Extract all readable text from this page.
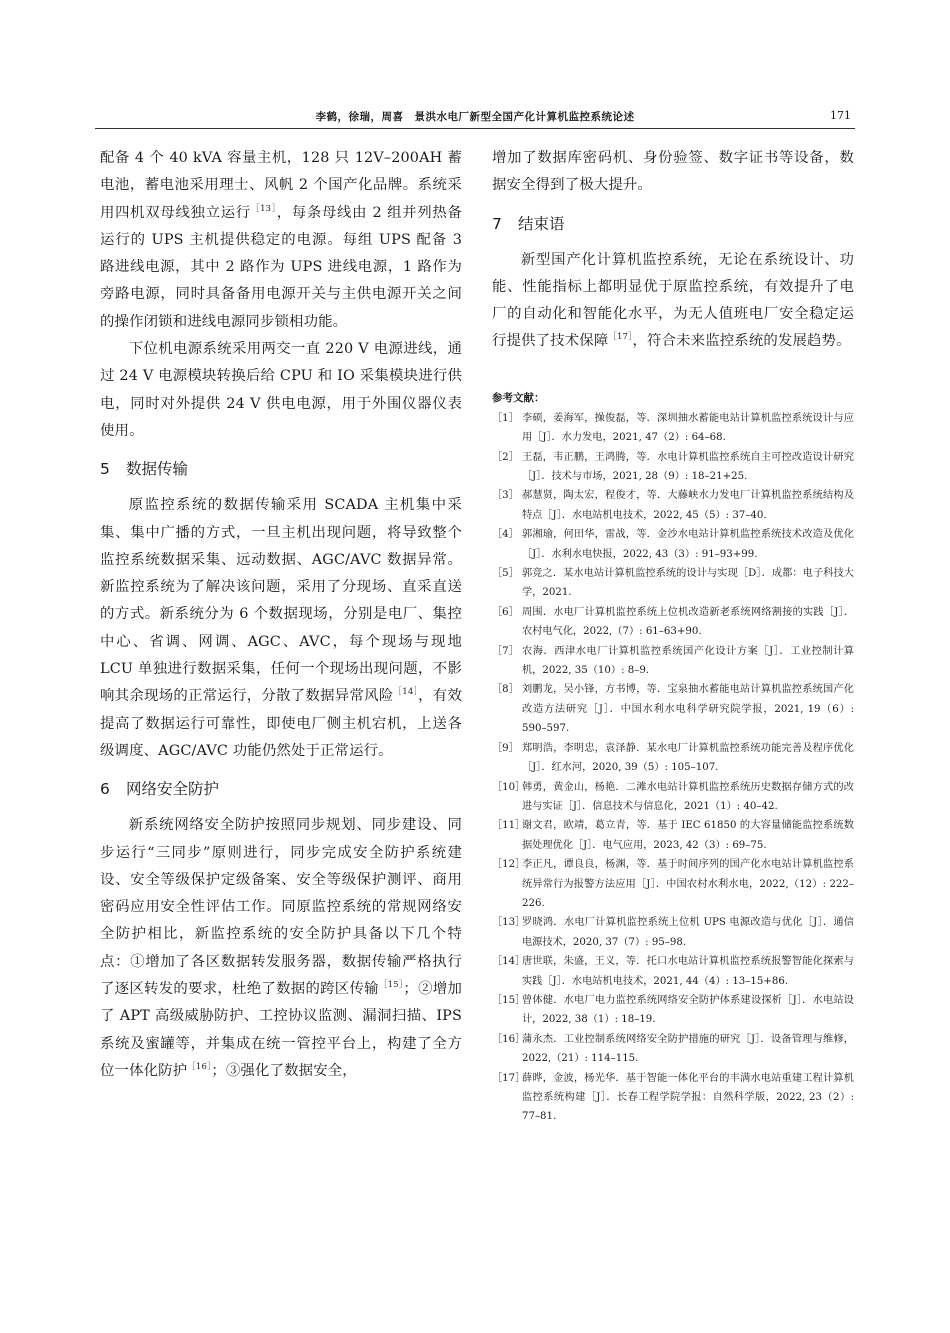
李鹤，徐瑞，周喜　景洪水电厂新型全国产化计算机监控系统论述	171

配备 4 个 40 kVA 容量主机，128 只 12V–200AH 蓄电池，蓄电池采用理士、风帆 2 个国产化品牌。系统采用四机双母线独立运行$^{[13]}$，每条母线由 2 组并列热备运行的 UPS 主机提供稳定的电源。每组 UPS 配备 3 路进线电源，其中 2 路作为 UPS 进线电源，1 路作为旁路电源，同时具备备用电源开关与主供电源开关之间的操作闭锁和进线电源同步锁相功能。

下位机电源系统采用两交一直 220 V 电源进线，通过 24 V 电源模块转换后给 CPU 和 IO 采集模块进行供电，同时对外提供 24 V 供电电源，用于外围仪器仪表使用。

5 数据传输

原监控系统的数据传输采用 SCADA 主机集中采集、集中广播的方式，一旦主机出现问题，将导致整个监控系统数据采集、远动数据、AGC/AVC 数据异常。新监控系统为了解决该问题，采用了分现场、直采直送的方式。新系统分为 6 个数据现场，分别是电厂、集控中心、省调、网调、AGC、AVC，每个现场与现地 LCU 单独进行数据采集，任何一个现场出现问题，不影响其余现场的正常运行，分散了数据异常风险$^{[14]}$，有效提高了数据运行可靠性，即使电厂侧主机宕机，上送各级调度、AGC/AVC 功能仍然处于正常运行。

6 网络安全防护

新系统网络安全防护按照同步规划、同步建设、同步运行“三同步”原则进行，同步完成安全防护系统建设、安全等级保护定级备案、安全等级保护测评、商用密码应用安全性评估工作。同原监控系统的常规网络安全防护相比，新监控系统的安全防护具备以下几个特点：①增加了各区数据转发服务器，数据传输严格执行了逐区转发的要求，杜绝了数据的跨区传输$^{[15]}$；②增加了 APT 高级威胁防护、工控协议监测、漏洞扫描、IPS 系统及蜜罐等，并集成在统一管控平台上，构建了全方位一体化防护$^{[16]}$；③强化了数据安全，

增加了数据库密码机、身份验签、数字证书等设备，数据安全得到了极大提升。

7 结束语

新型国产化计算机监控系统，无论在系统设计、功能、性能指标上都明显优于原监控系统，有效提升了电厂的自动化和智能化水平，为无人值班电厂安全稳定运行提供了技术保障$^{[17]}$，符合未来监控系统的发展趋势。

参考文献：
［1］ 李硕，姜海军，操俊磊，等．深圳抽水蓄能电站计算机监控系统设计与应用［J］．水力发电，2021, 47（2）: 64–68.
［2］ 王磊，韦正鹏，王鸿腾，等．水电计算机监控系统自主可控改造设计研究［J］．技术与市场，2021, 28（9）: 18–21+25.
［3］ 郝慧贤，陶太宏，程俊才，等．大藤峡水力发电厂计算机监控系统结构及特点［J］．水电站机电技术，2022, 45（5）: 37–40.
［4］ 郭湘瑜，何田华，雷战，等．金沙水电站计算机监控系统技术改造及优化［J］．水利水电快报，2022, 43（3）: 91–93+99.
［5］ 郭竞之．某水电站计算机监控系统的设计与实现［D］．成都：电子科技大学，2021.
［6］ 周围．水电厂计算机监控系统上位机改造新老系统网络割接的实践［J］．农村电气化，2022,（7）: 61–63+90.
［7］ 农海．西津水电厂计算机监控系统国产化设计方案［J］．工业控制计算机，2022, 35（10）: 8–9.
［8］ 刘鹏龙，吴小锋，方书博，等．宝泉抽水蓄能电站计算机监控系统国产化改造方法研究［J］．中国水利水电科学研究院学报，2021, 19（6）: 590–597.
［9］ 郑明浩，李明忠，袁泽静．某水电厂计算机监控系统功能完善及程序优化［J］．红水河，2020, 39（5）: 105–107.
［10］
韩勇，黄金山，杨艳．二滩水电站计算机监控系统历史数据存储方式的改进与实证［J］．信息技术与信息化，2021（1）: 40–42.
［11］
谢文君，欧靖，葛立青，等．基于 IEC 61850 的大容量储能监控系统数据处理优化［J］．电气应用，2023, 42（3）: 69–75.
［12］
李正凡，谭良良，杨渊，等．基于时间序列的国产化水电站计算机监控系统异常行为报警方法应用［J］．中国农村水利水电，2022,（12）: 222–226.
［13］
罗晓鸿．水电厂计算机监控系统上位机 UPS 电源改造与优化［J］．通信电源技术，2020, 37（7）: 95–98.
［14］
唐世联，朱盛，王义，等．托口水电站计算机监控系统报警智能化探索与实践［J］．水电站机电技术，2021, 44（4）: 13–15+86.
［15］
曾体健．水电厂电力监控系统网络安全防护体系建设探析［J］．水电站设计，2022, 38（1）: 18–19.
［16］
蒲永杰．工业控制系统网络安全防护措施的研究［J］．设备管理与维修，2022,（21）: 114–115.
［17］
薛晔，金波，杨光华．基于智能一体化平台的丰满水电站重建工程计算机监控系统构建［J］．长春工程学院学报：自然科学版，2022, 23（2）: 77–81.
